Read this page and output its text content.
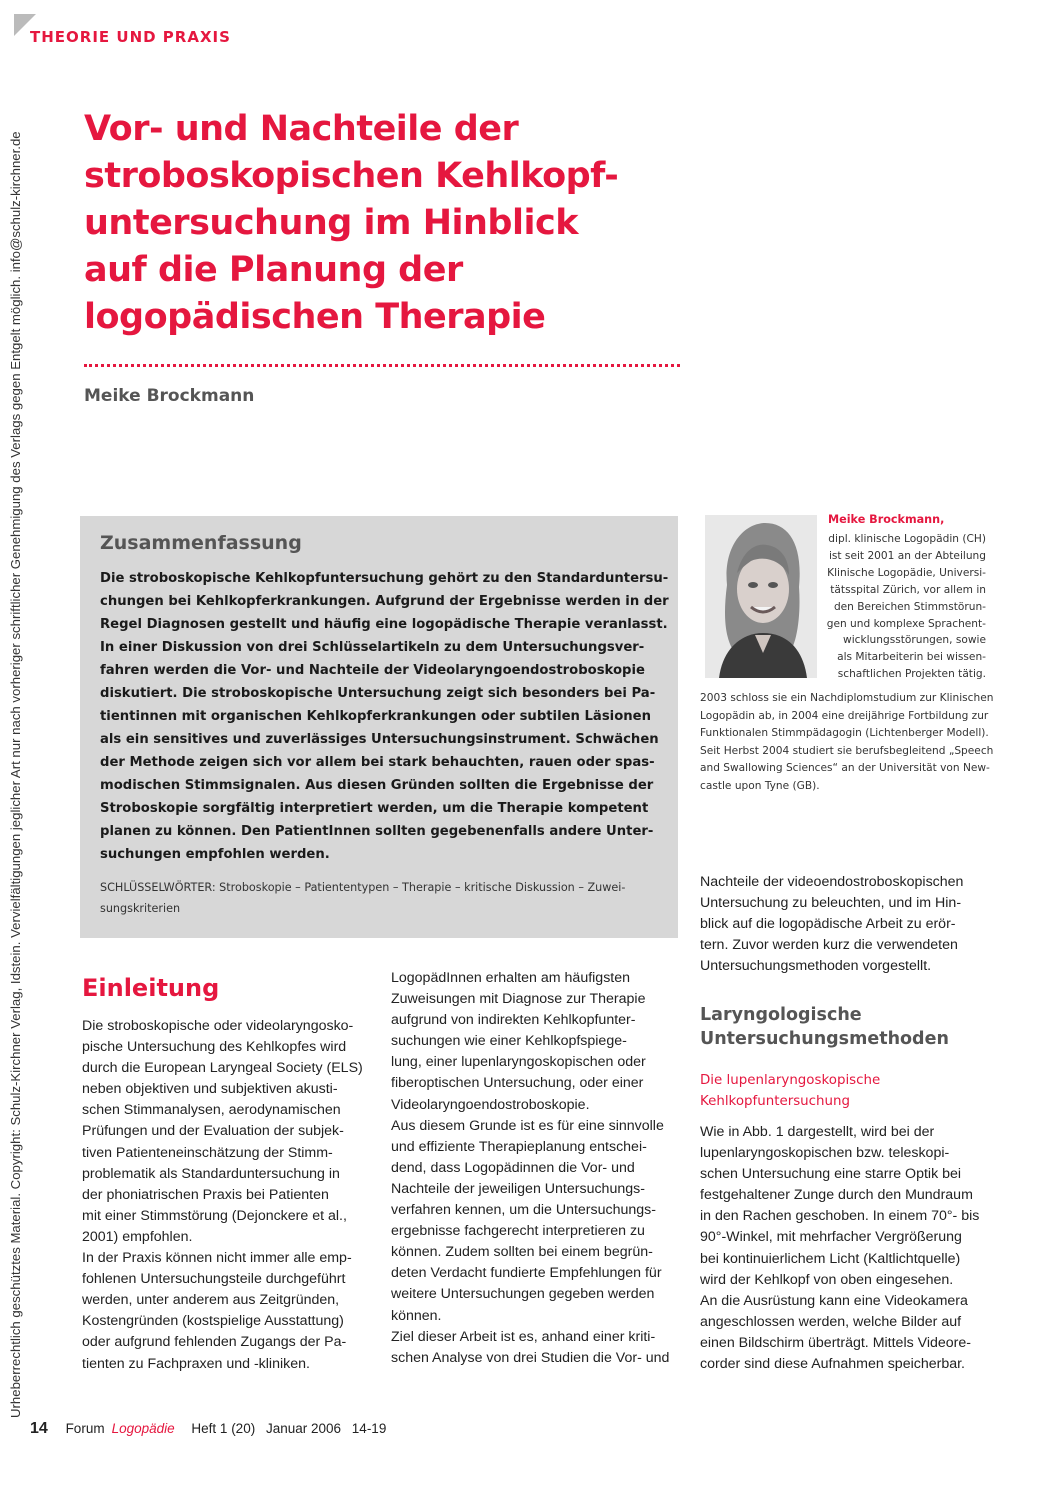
THEORIE UND PRAXIS
Urheberrechtlich geschütztes Material. Copyright: Schulz-Kirchner Verlag, Idstein. Vervielfältigungen jeglicher Art nur nach vorheriger schriftlicher Genehmigung des Verlags gegen Entgelt möglich. info@schulz-kirchner.de
Vor- und Nachteile der
stroboskopischen Kehlkopf-
untersuchung im Hinblick
auf die Planung der
logopädischen Therapie
Meike Brockmann
Zusammenfassung
Die stroboskopische Kehlkopfuntersuchung gehört zu den Standarduntersu-
chungen bei Kehlkopferkrankungen. Aufgrund der Ergebnisse werden in der
Regel Diagnosen gestellt und häufig eine logopädische Therapie veranlasst.
In einer Diskussion von drei Schlüsselartikeln zu dem Untersuchungsver-
fahren werden die Vor- und Nachteile der Videolaryngoendostroboskopie
diskutiert. Die stroboskopische Untersuchung zeigt sich besonders bei Pa-
tientinnen mit organischen Kehlkopferkrankungen oder subtilen Läsionen
als ein sensitives und zuverlässiges Untersuchungsinstrument. Schwächen
der Methode zeigen sich vor allem bei stark behauchten, rauen oder spas-
modischen Stimmsignalen. Aus diesen Gründen sollten die Ergebnisse der
Stroboskopie sorgfältig interpretiert werden, um die Therapie kompetent
planen zu können. Den PatientInnen sollten gegebenenfalls andere Unter-
suchungen empfohlen werden.
SCHLÜSSELWÖRTER: Stroboskopie – Patiententypen – Therapie – kritische Diskussion – Zuwei-
sungskriterien
Meike Brockmann,
dipl. klinische Logopädin (CH)
ist seit 2001 an der Abteilung
Klinische Logopädie, Universi-
tätsspital Zürich, vor allem in
den Bereichen Stimmstörun-
gen und komplexe Sprachent-
wicklungsstörungen, sowie
als Mitarbeiterin bei wissen-
schaftlichen Projekten tätig.
2003 schloss sie ein Nachdiplomstudium zur Klinischen
Logopädin ab, in 2004 eine dreijährige Fortbildung zur
Funktionalen Stimmpädagogin (Lichtenberger Modell).
Seit Herbst 2004 studiert sie berufsbegleitend „Speech
and Swallowing Sciences“ an der Universität von New-
castle upon Tyne (GB).
Einleitung
Die stroboskopische oder videolaryngosko-
pische Untersuchung des Kehlkopfes wird
durch die European Laryngeal Society (ELS)
neben objektiven und subjektiven akusti-
schen Stimmanalysen, aerodynamischen
Prüfungen und der Evaluation der subjek-
tiven Patienteneinschätzung der Stimm-
problematik als Standarduntersuchung in
der phoniatrischen Praxis bei Patienten
mit einer Stimmstörung (Dejonckere et al.,
2001) empfohlen.
In der Praxis können nicht immer alle emp-
fohlenen Untersuchungsteile durchgeführt
werden, unter anderem aus Zeitgründen,
Kostengründen (kostspielige Ausstattung)
oder aufgrund fehlenden Zugangs der Pa-
tienten zu Fachpraxen und -kliniken.
LogopädInnen erhalten am häufigsten
Zuweisungen mit Diagnose zur Therapie
aufgrund von indirekten Kehlkopfunter-
suchungen wie einer Kehlkopfspiege-
lung, einer lupenlaryngoskopischen oder
fiberoptischen Untersuchung, oder einer
Videolaryngoendostroboskopie.
Aus diesem Grunde ist es für eine sinnvolle
und effiziente Therapieplanung entschei-
dend, dass Logopädinnen die Vor- und
Nachteile der jeweiligen Untersuchungs-
verfahren kennen, um die Untersuchungs-
ergebnisse fachgerecht interpretieren zu
können. Zudem sollten bei einem begrün-
deten Verdacht fundierte Empfehlungen für
weitere Untersuchungen gegeben werden
können.
Ziel dieser Arbeit ist es, anhand einer kriti-
schen Analyse von drei Studien die Vor- und
Nachteile der videoendostroboskopischen
Untersuchung zu beleuchten, und im Hin-
blick auf die logopädische Arbeit zu erör-
tern. Zuvor werden kurz die verwendeten
Untersuchungsmethoden vorgestellt.
Laryngologische
Untersuchungsmethoden
Die lupenlaryngoskopische
Kehlkopfuntersuchung
Wie in Abb. 1 dargestellt, wird bei der
lupenlaryngoskopischen bzw. teleskopi-
schen Untersuchung eine starre Optik bei
festgehaltener Zunge durch den Mundraum
in den Rachen geschoben. In einem 70°- bis
90°-Winkel, mit mehrfacher Vergrößerung
bei kontinuierlichem Licht (Kaltlichtquelle)
wird der Kehlkopf von oben eingesehen.
An die Ausrüstung kann eine Videokamera
angeschlossen werden, welche Bilder auf
einen Bildschirm überträgt. Mittels Videore-
corder sind diese Aufnahmen speicherbar.
14 Forum Logopädie Heft 1 (20) Januar 2006 14-19
